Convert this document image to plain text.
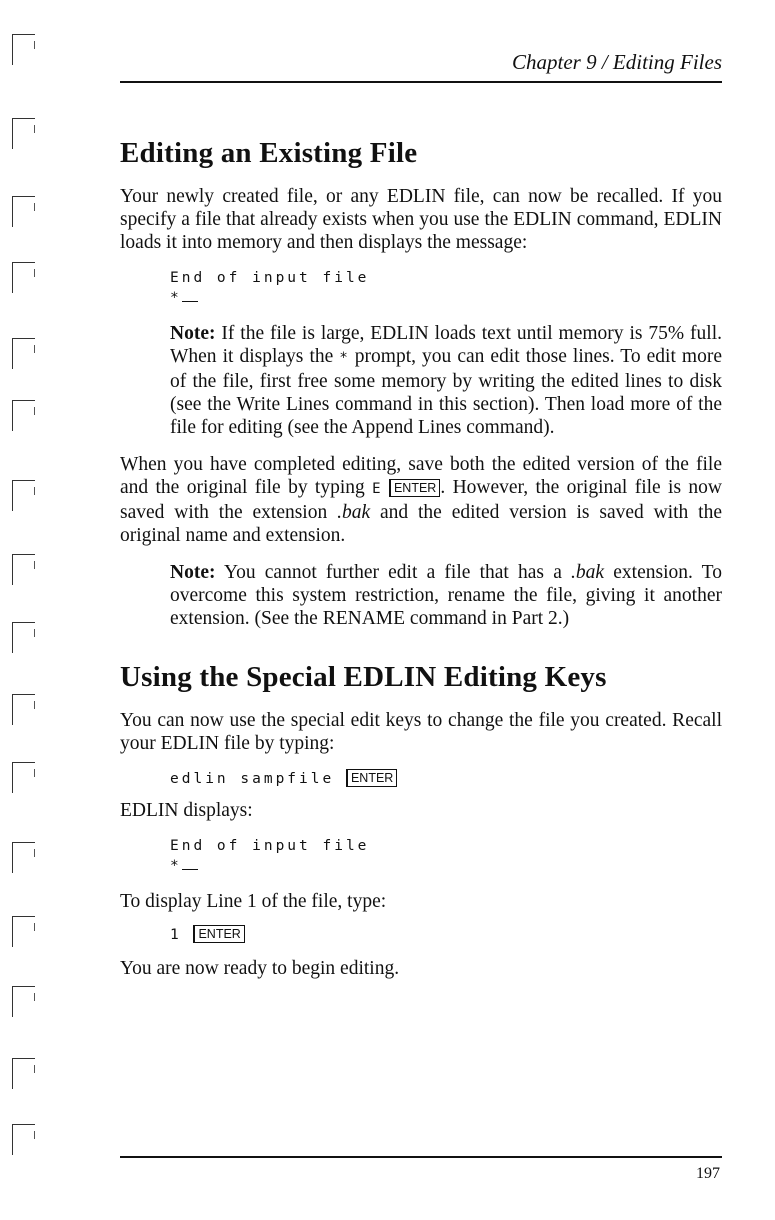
Chapter 9 / Editing Files
Editing an Existing File

Your newly created file, or any EDLIN file, can now be recalled. If you specify a file that already exists when you use the EDLIN command, EDLIN loads it into memory and then displays the message:

End of input file
*

Note: If the file is large, EDLIN loads text until memory is 75% full. When it displays the * prompt, you can edit those lines. To edit more of the file, first free some memory by writing the edited lines to disk (see the Write Lines command in this section). Then load more of the file for editing (see the Append Lines command).

When you have completed editing, save both the edited version of the file and the original file by typing E ENTER . However, the original file is now saved with the extension .bak and the edited version is saved with the original name and extension.

Note: You cannot further edit a file that has a .bak extension. To overcome this system restriction, rename the file, giving it another extension. (See the RENAME command in Part 2.)

Using the Special EDLIN Editing Keys

You can now use the special edit keys to change the file you created. Recall your EDLIN file by typing:

edlin sampfile ENTER

EDLIN displays:

End of input file
*

To display Line 1 of the file, type:

1 ENTER

You are now ready to begin editing.

197
